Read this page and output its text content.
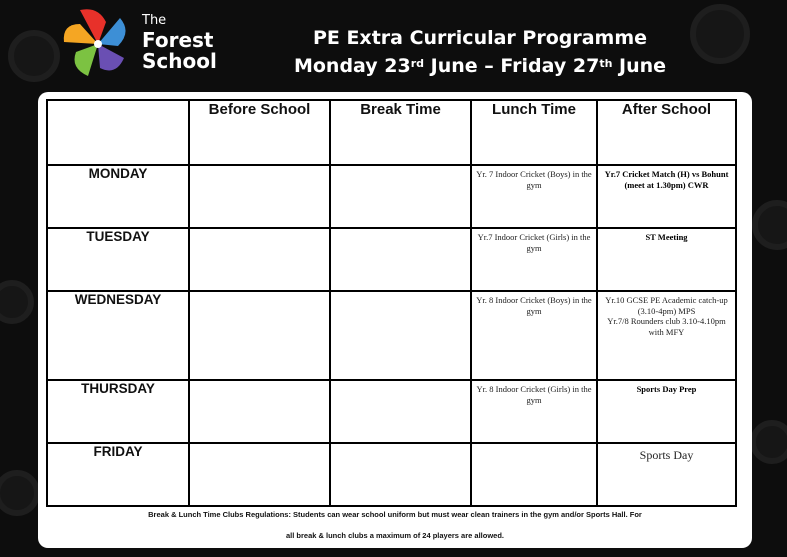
The
Forest
School
PE Extra Curricular Programme
Monday 23rd June – Friday 27th June
	Before School	Break Time	Lunch Time	After School
MONDAY			Yr. 7 Indoor Cricket (Boys) in the gym	Yr.7 Cricket Match (H) vs Bohunt (meet at 1.30pm) CWR
TUESDAY			Yr.7 Indoor Cricket (Girls) in the gym	ST Meeting
WEDNESDAY			Yr. 8 Indoor Cricket (Boys) in the gym	Yr.10 GCSE PE Academic catch-up (3.10-4pm) MPS
Yr.7/8 Rounders club 3.10-4.10pm with MFY

THURSDAY			Yr. 8 Indoor Cricket (Girls) in the gym	Sports Day Prep
FRIDAY				Sports Day
Break & Lunch Time Clubs Regulations: Students can wear school uniform but must wear clean trainers in the gym and/or Sports Hall. For
all break & lunch clubs a maximum of 24 players are allowed.
